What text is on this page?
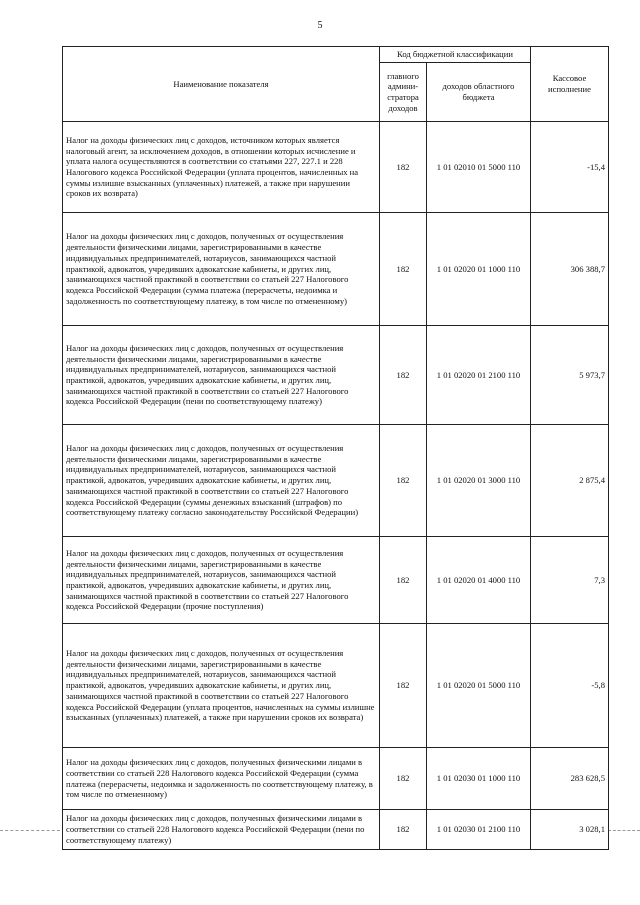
5
Наименование показателя	Код бюджетной классификации		Кассовое исполнение
	главного админи-стратора доходов	доходов областного бюджета	
Налог на доходы физических лиц с доходов, источником которых является налоговый агент, за исключением доходов, в отношении которых исчисление и уплата налога осуществляются в соответствии со статьями 227, 227.1 и 228 Налогового кодекса Российской Федерации (уплата процентов, начисленных на суммы излишне взысканных (уплаченных) платежей, а также при нарушении сроков их возврата)	182	1 01 02010 01 5000 110	-15,4
Налог на доходы физических лиц с доходов, полученных от осуществления деятельности физическими лицами, зарегистрированными в качестве индивидуальных предпринимателей, нотариусов, занимающихся частной практикой, адвокатов, учредивших адвокатские кабинеты, и других лиц, занимающихся частной практикой в соответствии со статьей 227 Налогового кодекса Российской Федерации (сумма платежа (перерасчеты, недоимка и задолженность по соответствующему платежу, в том числе по отмененному)	182	1 01 02020 01 1000 110	306 388,7
Налог на доходы физических лиц с доходов, полученных от осуществления деятельности физическими лицами, зарегистрированными в качестве индивидуальных предпринимателей, нотариусов, занимающихся частной практикой, адвокатов, учредивших адвокатские кабинеты, и других лиц, занимающихся частной практикой в соответствии со статьей 227 Налогового кодекса Российской Федерации (пени по соответствующему платежу)	182	1 01 02020 01 2100 110	5 973,7
Налог на доходы физических лиц с доходов, полученных от осуществления деятельности физическими лицами, зарегистрированными в качестве индивидуальных предпринимателей, нотариусов, занимающихся частной практикой, адвокатов, учредивших адвокатские кабинеты, и других лиц, занимающихся частной практикой в соответствии со статьей 227 Налогового кодекса Российской Федерации (суммы денежных взысканий (штрафов) по соответствующему платежу согласно законодательству Российской Федерации)	182	1 01 02020 01 3000 110	2 875,4
Налог на доходы физических лиц с доходов, полученных от осуществления деятельности физическими лицами, зарегистрированными в качестве индивидуальных предпринимателей, нотариусов, занимающихся частной практикой, адвокатов, учредивших адвокатские кабинеты, и других лиц, занимающихся частной практикой в соответствии со статьей 227 Налогового кодекса Российской Федерации (прочие поступления)	182	1 01 02020 01 4000 110	7,3
Налог на доходы физических лиц с доходов, полученных от осуществления деятельности физическими лицами, зарегистрированными в качестве индивидуальных предпринимателей, нотариусов, занимающихся частной практикой, адвокатов, учредивших адвокатские кабинеты, и других лиц, занимающихся частной практикой в соответствии со статьей 227 Налогового кодекса Российской Федерации (уплата процентов, начисленных на суммы излишне взысканных (уплаченных) платежей, а также при нарушении сроков их возврата)	182	1 01 02020 01 5000 110	-5,8
Налог на доходы физических лиц с доходов, полученных физическими лицами в соответствии со статьей 228 Налогового кодекса Российской Федерации (сумма платежа (перерасчеты, недоимка и задолженность по соответствующему платежу, в том числе по отмененному)	182	1 01 02030 01 1000 110	283 628,5
Налог на доходы физических лиц с доходов, полученных физическими лицами в соответствии со статьей 228 Налогового кодекса Российской Федерации (пени по соответствующему платежу)	182	1 01 02030 01 2100 110	3 028,1
